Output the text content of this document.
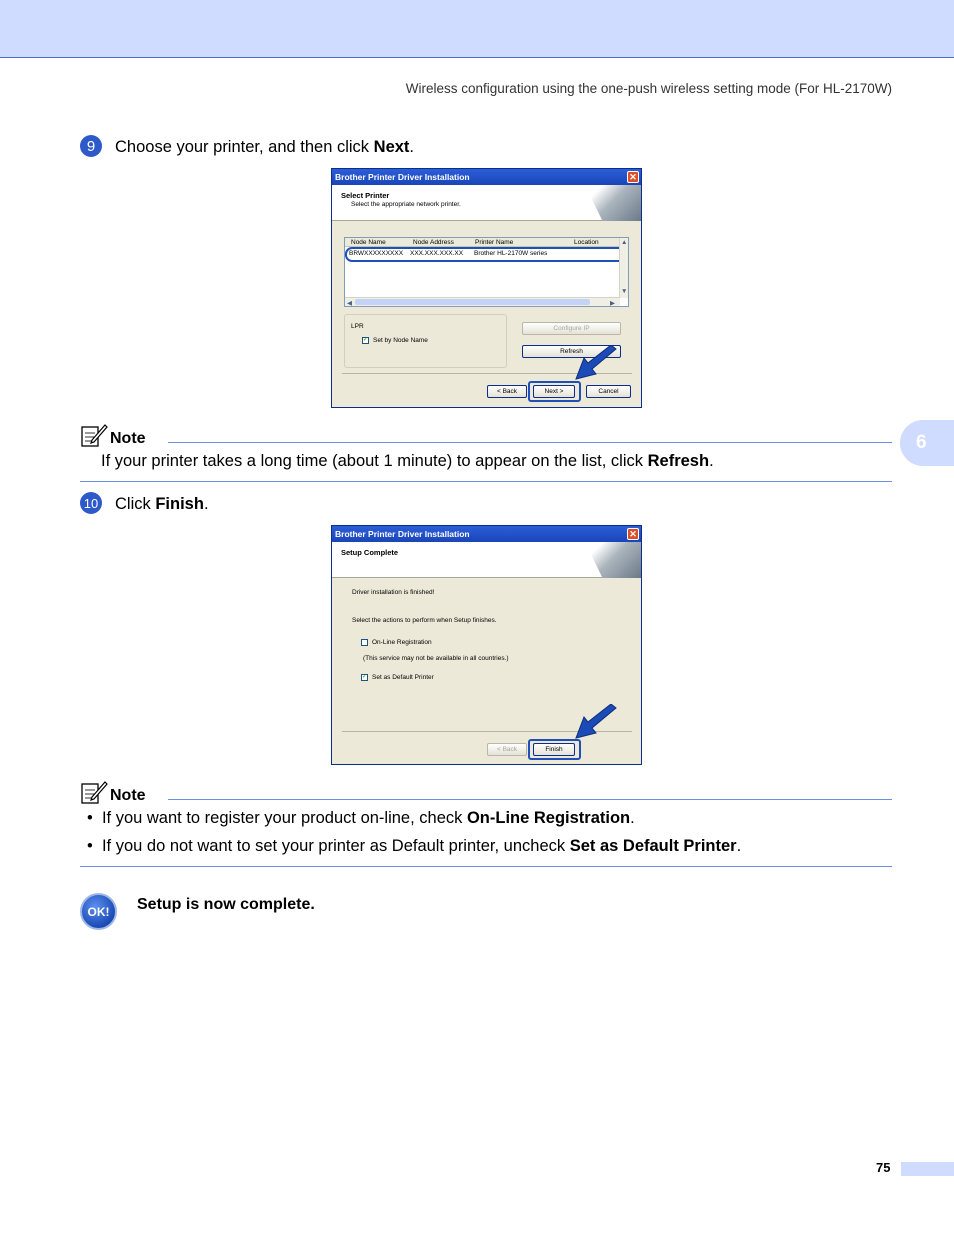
Wireless configuration using the one-push wireless setting mode (For HL-2170W)
6
9	Choose your printer, and then click Next.
Brother Printer Driver Installation	✕
Select Printer
Select the appropriate network printer.
Node Name	Node Address	Printer Name	Location
BRWXXXXXXXXX XXX.XXX.XXX.XX Brother HL-2170W series
▲
▼
◀	▶
LPR
✓ Set by Node Name
Configure IP
Refresh
< Back	Next >	Cancel
Note
If your printer takes a long time (about 1 minute) to appear on the list, click Refresh.
10 Click Finish.
Brother Printer Driver Installation	✕
Setup Complete
Driver installation is finished!
Select the actions to perform when Setup finishes.
On-Line Registration
(This service may not be available in all countries.)
✓ Set as Default Printer
< Back	Finish
Note
•  If you want to register your product on-line, check On-Line Registration.
•  If you do not want to set your printer as Default printer, uncheck Set as Default Printer.
OK!	Setup is now complete.
75
